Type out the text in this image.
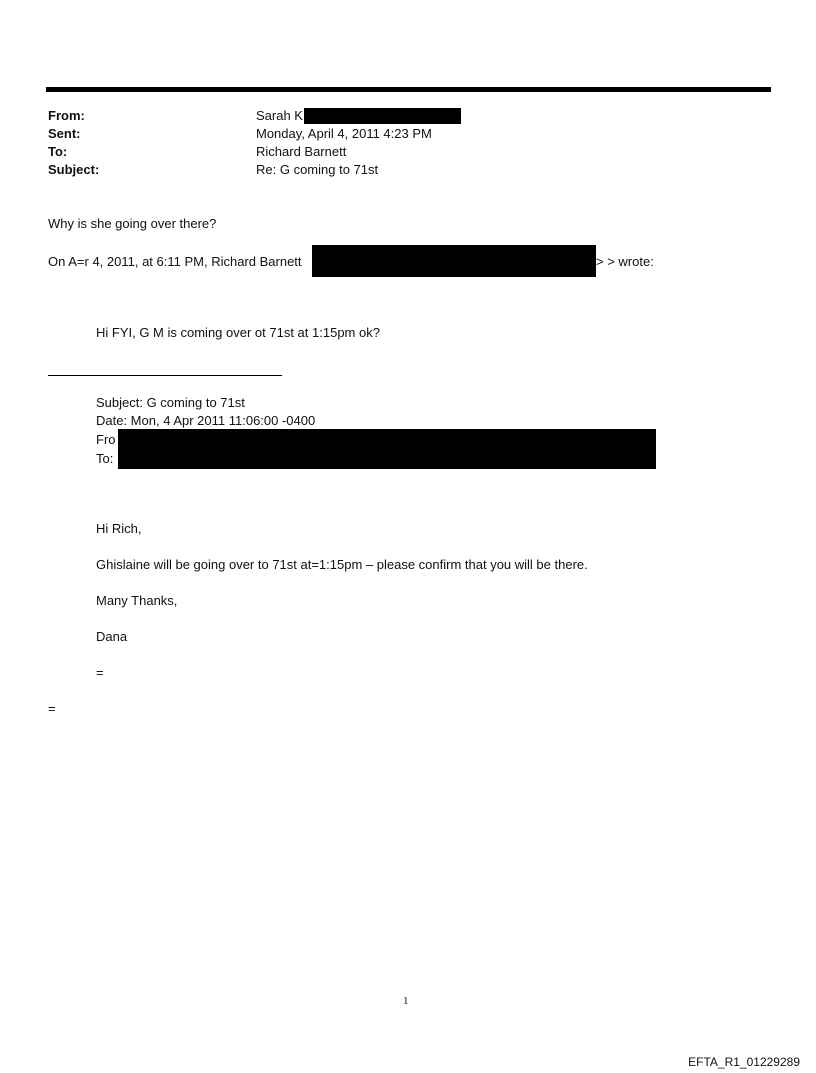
From:	Sarah K
Sent:	Monday, April 4, 2011 4:23 PM
To:	Richard Barnett
Subject:	Re: G coming to 71st
Why is she going over there?
On A=r 4, 2011, at 6:11 PM, Richard Barnett	> > wrote:
Hi FYI, G M is coming over ot 71st at 1:15pm ok?
Subject: G coming to 71st
Date: Mon, 4 Apr 2011 11:06:00 -0400
Fro
To:
Hi Rich,
Ghislaine will be going over to 71st at=1:15pm – please confirm that you will be there.
Many Thanks,
Dana
=
=
1
EFTA_R1_01229289
